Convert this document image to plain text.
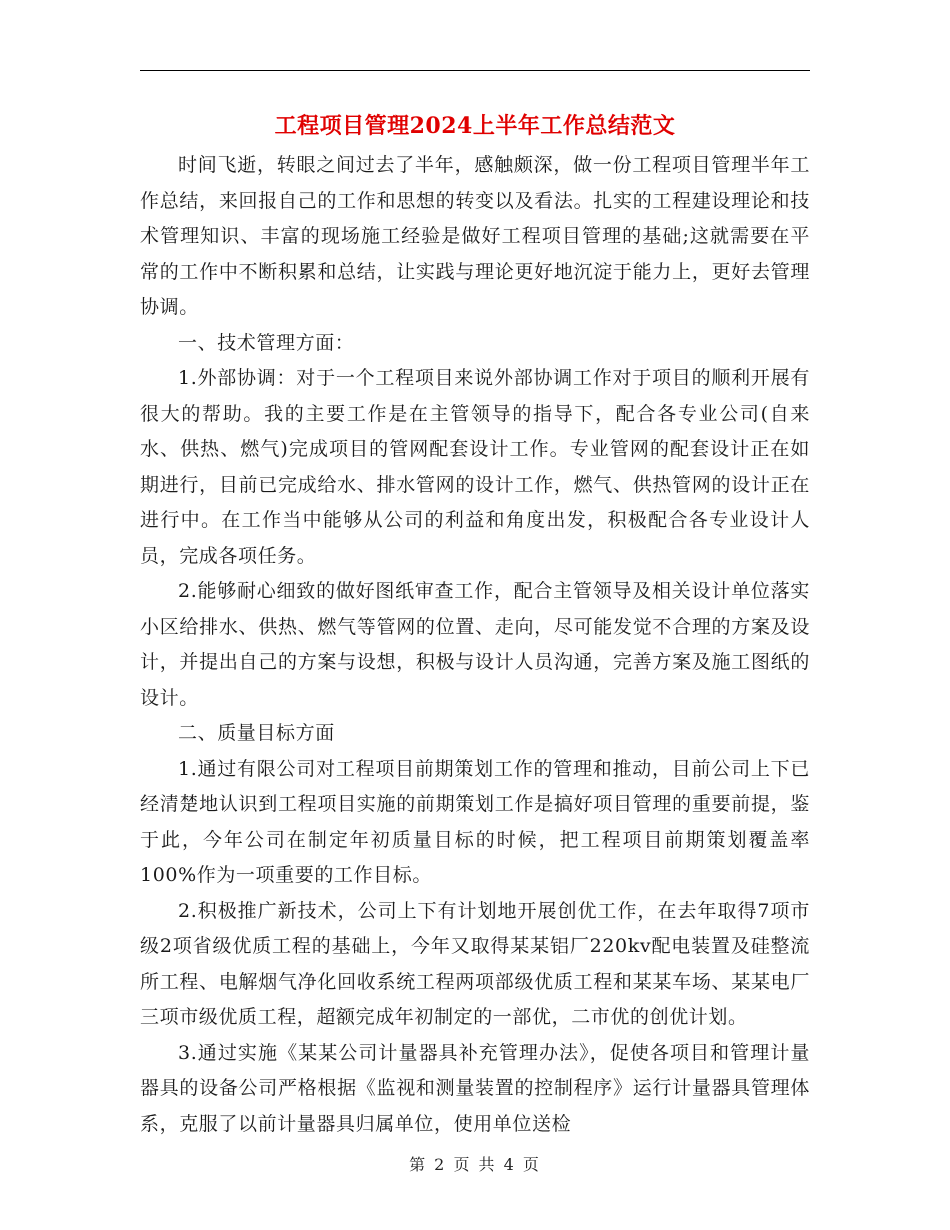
工程项目管理2024上半年工作总结范文

时间飞逝，转眼之间过去了半年，感触颇深，做一份工程项目管理半年工作总结，来回报自己的工作和思想的转变以及看法。扎实的工程建设理论和技术管理知识、丰富的现场施工经验是做好工程项目管理的基础;这就需要在平常的工作中不断积累和总结，让实践与理论更好地沉淀于能力上，更好去管理协调。

一、技术管理方面：

1.外部协调：对于一个工程项目来说外部协调工作对于项目的顺利开展有很大的帮助。我的主要工作是在主管领导的指导下，配合各专业公司(自来水、供热、燃气)完成项目的管网配套设计工作。专业管网的配套设计正在如期进行，目前已完成给水、排水管网的设计工作，燃气、供热管网的设计正在进行中。在工作当中能够从公司的利益和角度出发，积极配合各专业设计人员，完成各项任务。

2.能够耐心细致的做好图纸审查工作，配合主管领导及相关设计单位落实小区给排水、供热、燃气等管网的位置、走向，尽可能发觉不合理的方案及设计，并提出自己的方案与设想，积极与设计人员沟通，完善方案及施工图纸的设计。

二、质量目标方面

1.通过有限公司对工程项目前期策划工作的管理和推动，目前公司上下已经清楚地认识到工程项目实施的前期策划工作是搞好项目管理的重要前提，鉴于此，今年公司在制定年初质量目标的时候，把工程项目前期策划覆盖率100%作为一项重要的工作目标。

2.积极推广新技术，公司上下有计划地开展创优工作，在去年取得7项市级2项省级优质工程的基础上，今年又取得某某铝厂220kv配电装置及硅整流所工程、电解烟气净化回收系统工程两项部级优质工程和某某车场、某某电厂三项市级优质工程，超额完成年初制定的一部优，二市优的创优计划。

3.通过实施《某某公司计量器具补充管理办法》，促使各项目和管理计量器具的设备公司严格根据《监视和测量装置的控制程序》运行计量器具管理体系，克服了以前计量器具归属单位，使用单位送检

第 2 页 共 4 页
